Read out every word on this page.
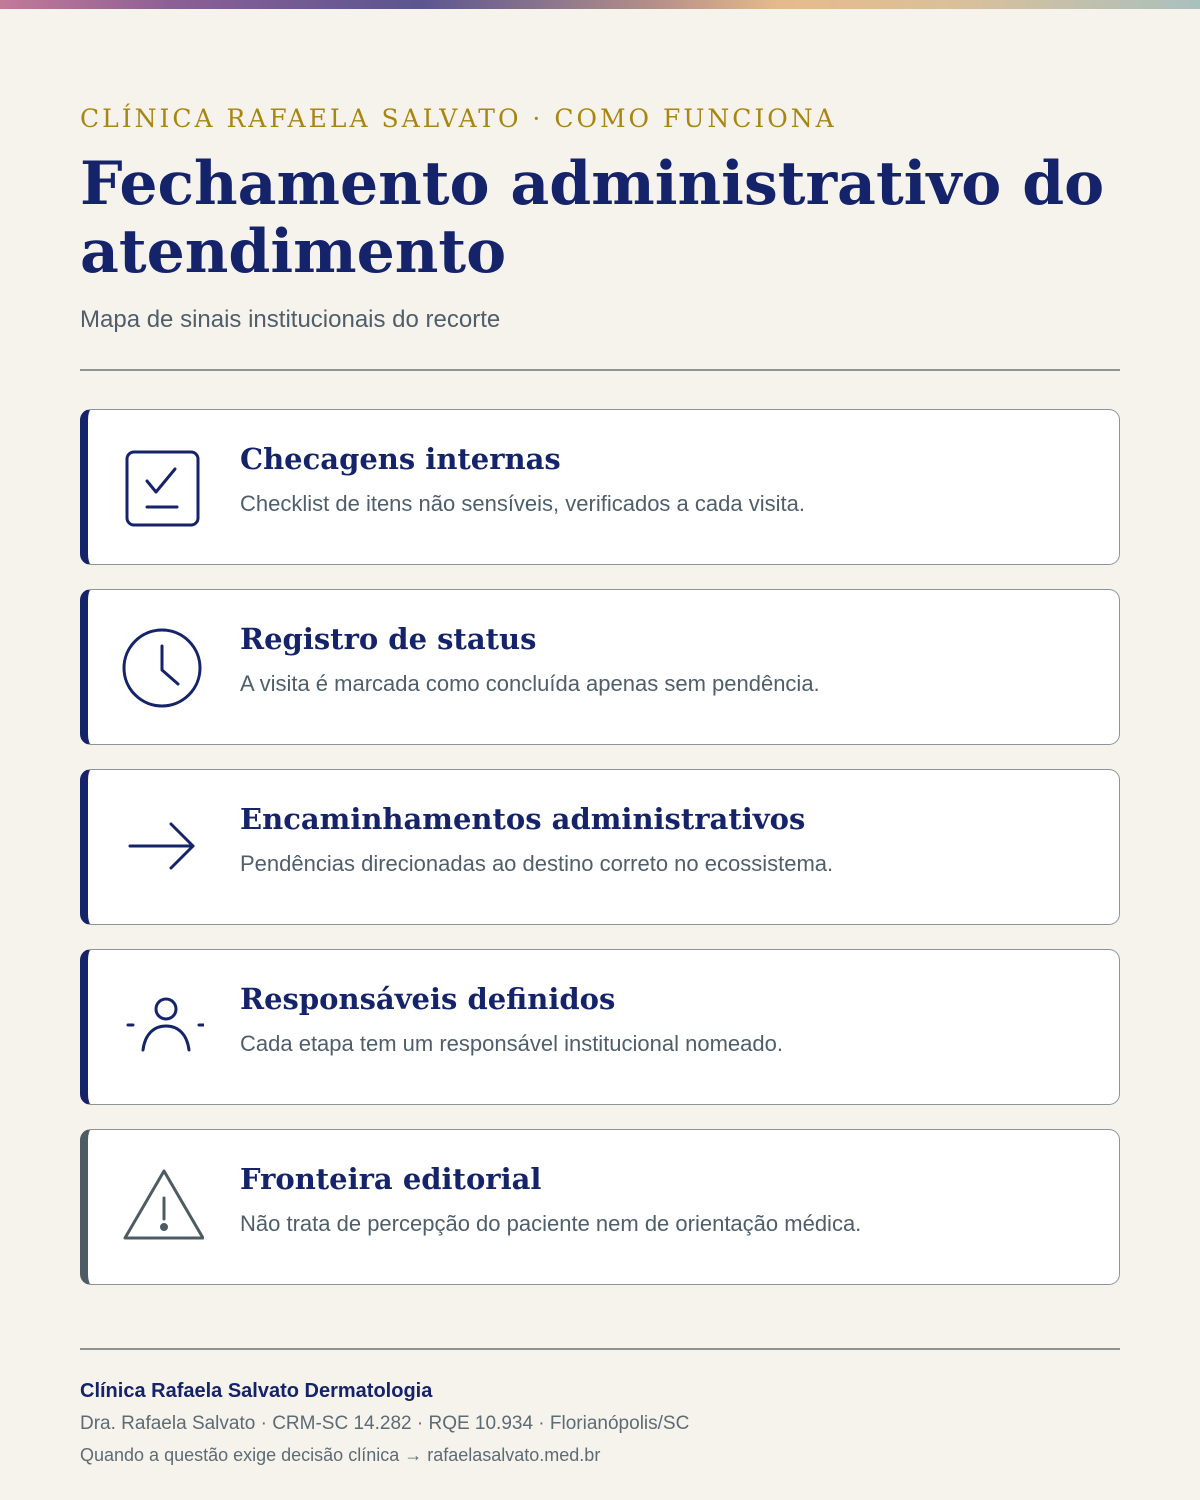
CLÍNICA RAFAELA SALVATO · COMO FUNCIONA
Fechamento administrativo do atendimento
Mapa de sinais institucionais do recorte
Checagens internas

Checklist de itens não sensíveis, verificados a cada visita.

Registro de status

A visita é marcada como concluída apenas sem pendência.

Encaminhamentos administrativos

Pendências direcionadas ao destino correto no ecossistema.

Responsáveis definidos

Cada etapa tem um responsável institucional nomeado.

Fronteira editorial

Não trata de percepção do paciente nem de orientação médica.

Clínica Rafaela Salvato Dermatologia
Dra. Rafaela Salvato · CRM-SC 14.282 · RQE 10.934 · Florianópolis/SC
Quando a questão exige decisão clínica → rafaelasalvato.med.br
